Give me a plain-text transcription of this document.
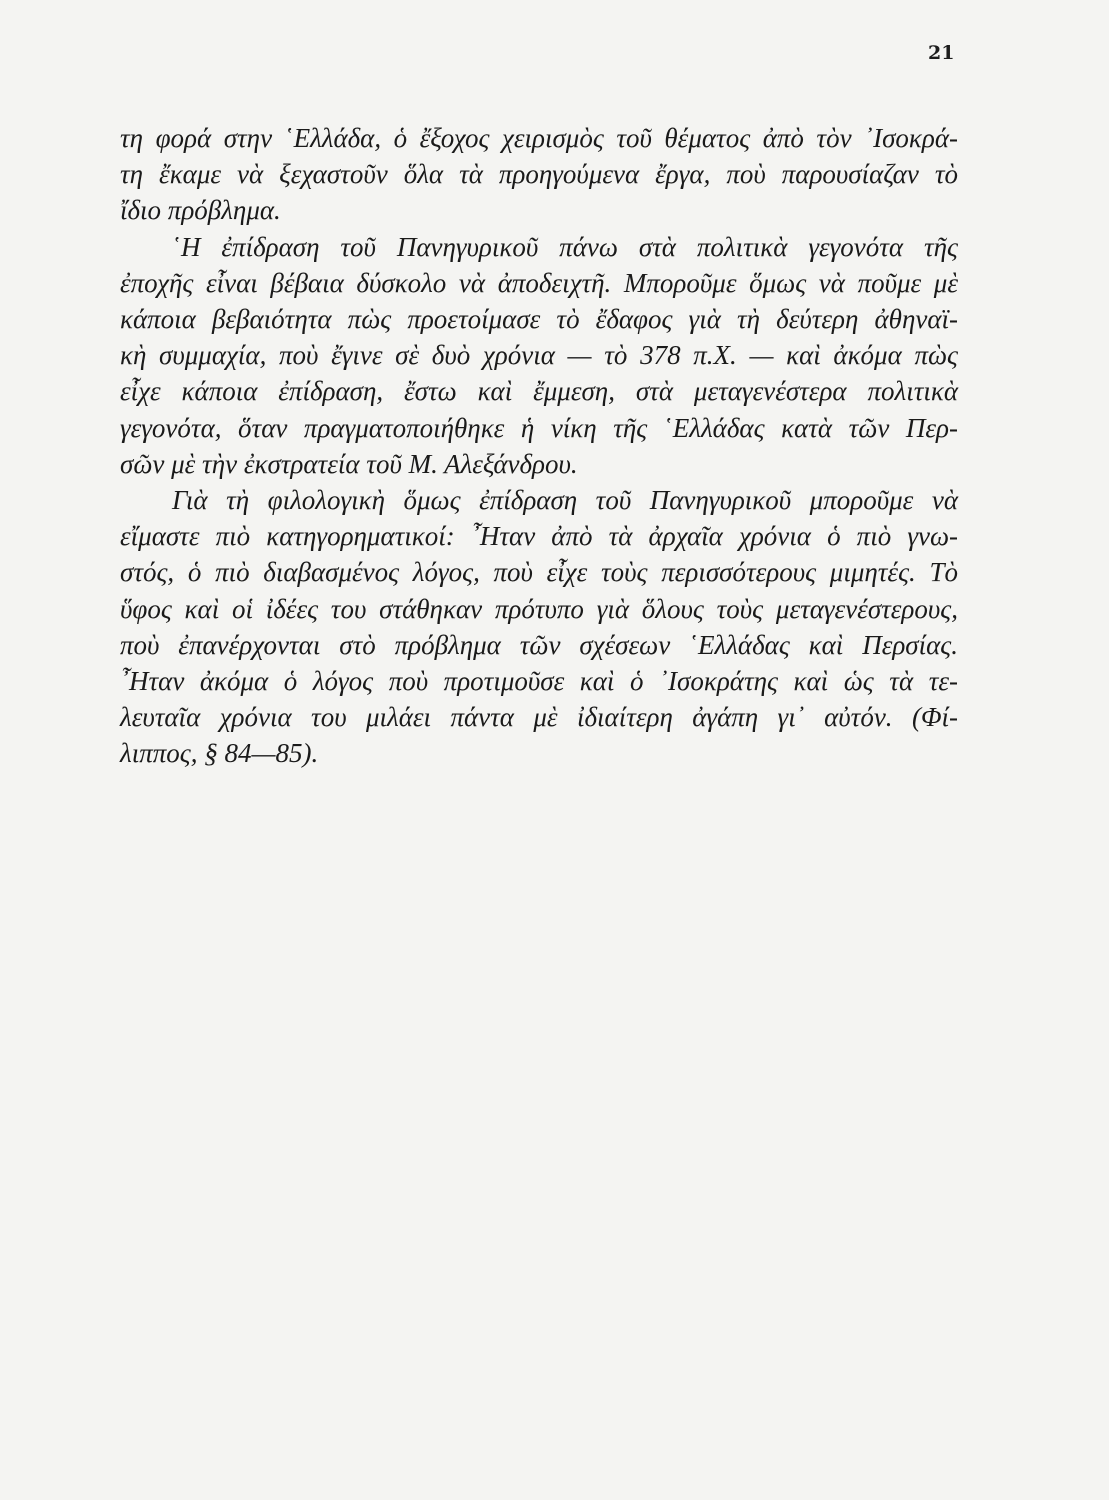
21
τη φορά στην ῾Ελλάδα, ὁ ἔξοχος χειρισμὸς τοῦ θέματος ἀπὸ τὸν ᾿Ισοκρά-
τη ἔκαμε νὰ ξεχαστοῦν ὅλα τὰ προηγούμενα ἔργα, ποὺ παρουσίαζαν τὸ
ἴδιο πρόβλημα.
῾Η ἐπίδραση τοῦ Πανηγυρικοῦ πάνω στὰ πολιτικὰ γεγονότα τῆς
ἐποχῆς εἶναι βέβαια δύσκολο νὰ ἀποδειχτῆ. Μποροῦμε ὅμως νὰ ποῦμε μὲ
κάποια βεβαιότητα πὼς προετοίμασε τὸ ἔδαφος γιὰ τὴ δεύτερη ἀθηναϊ-
κὴ συμμαχία, ποὺ ἔγινε σὲ δυὸ χρόνια — τὸ 378 π.Χ. — καὶ ἀκόμα πὼς
εἶχε κάποια ἐπίδραση, ἔστω καὶ ἔμμεση, στὰ μεταγενέστερα πολιτικὰ
γεγονότα, ὅταν πραγματοποιήθηκε ἡ νίκη τῆς ῾Ελλάδας κατὰ τῶν Περ-
σῶν μὲ τὴν ἐκστρατεία τοῦ Μ. Αλεξάνδρου.
Γιὰ τὴ φιλολογικὴ ὅμως ἐπίδραση τοῦ Πανηγυρικοῦ μποροῦμε νὰ
εἴμαστε πιὸ κατηγορηματικοί: ῏Ηταν ἀπὸ τὰ ἀρχαῖα χρόνια ὁ πιὸ γνω-
στός, ὁ πιὸ διαβασμένος λόγος, ποὺ εἶχε τοὺς περισσότερους μιμητές. Τὸ
ὕφος καὶ οἱ ἰδέες του στάθηκαν πρότυπο γιὰ ὅλους τοὺς μεταγενέστερους,
ποὺ ἐπανέρχονται στὸ πρόβλημα τῶν σχέσεων ῾Ελλάδας καὶ Περσίας.
῏Ηταν ἀκόμα ὁ λόγος ποὺ προτιμοῦσε καὶ ὁ ᾿Ισοκράτης καὶ ὡς τὰ τε-
λευταῖα χρόνια του μιλάει πάντα μὲ ἰδιαίτερη ἀγάπη γι᾿ αὐτόν. (Φί-
λιππος, § 84—85).
